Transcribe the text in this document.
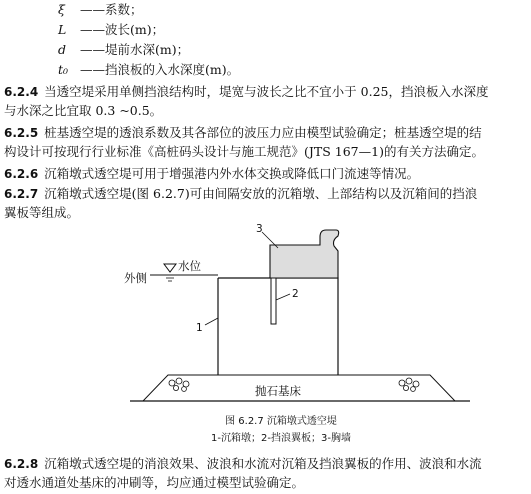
ξ ——系数；
L ——波长(m)；
d ——堤前水深(m)；
t₀ ——挡浪板的入水深度(m)。
6.2.4 当透空堤采用单侧挡浪结构时，堤宽与波长之比不宜小于 0.25，挡浪板入水深度
与水深之比宜取 0.3 ~0.5。
6.2.5 桩基透空堤的透浪系数及其各部位的波压力应由模型试验确定；桩基透空堤的结
构设计可按现行行业标准《高桩码头设计与施工规范》(JTS 167—1)的有关方法确定。
6.2.6 沉箱墩式透空堤可用于增强港内外水体交换或降低口门流速等情况。
6.2.7 沉箱墩式透空堤(图 6.2.7)可由间隔安放的沉箱墩、上部结构以及沉箱间的挡浪
翼板等组成。
外侧
水位
1
2
3
抛石基床
图 6.2.7 沉箱墩式透空堤
1-沉箱墩；2-挡浪翼板；3-胸墙
6.2.8 沉箱墩式透空堤的消浪效果、波浪和水流对沉箱及挡浪翼板的作用、波浪和水流
对透水通道处基床的冲刷等，均应通过模型试验确定。
